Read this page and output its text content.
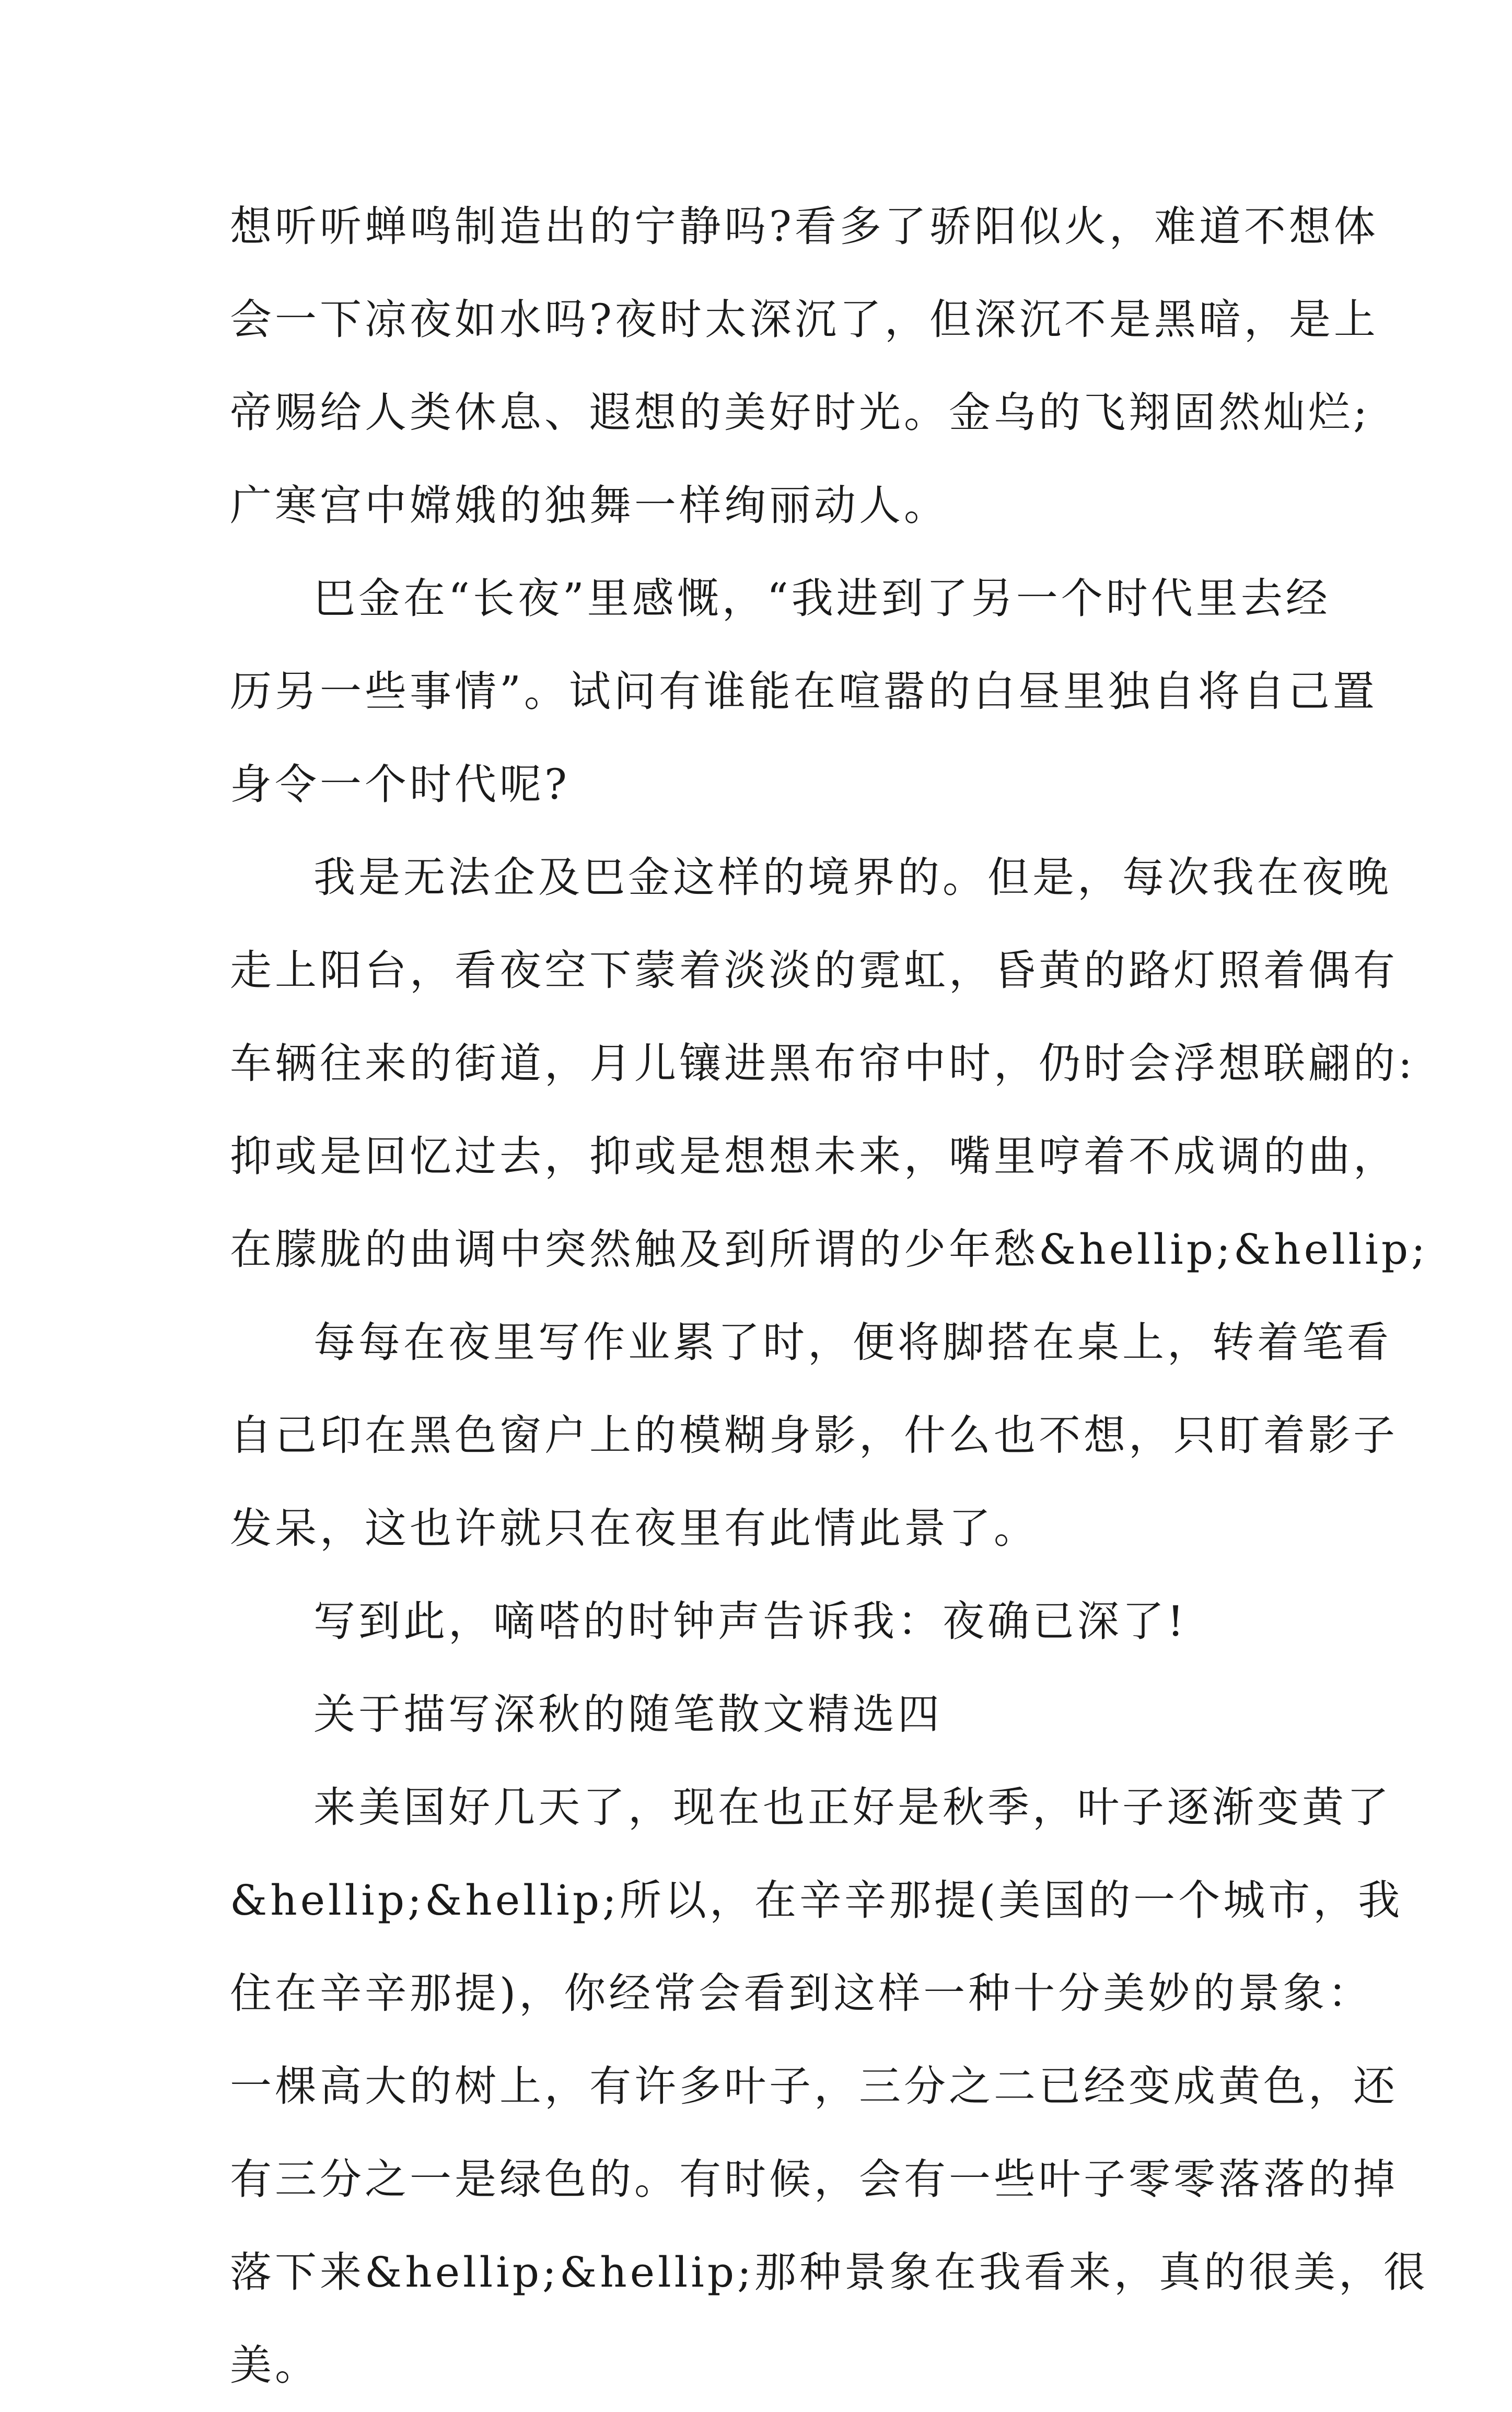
想听听蝉鸣制造出的宁静吗?看多了骄阳似火，难道不想体
会一下凉夜如水吗?夜时太深沉了，但深沉不是黑暗，是上
帝赐给人类休息、遐想的美好时光。金乌的飞翔固然灿烂;
广寒宫中嫦娥的独舞一样绚丽动人。

巴金在“长夜”里感慨，“我进到了另一个时代里去经
历另一些事情”。试问有谁能在喧嚣的白昼里独自将自己置
身令一个时代呢?

我是无法企及巴金这样的境界的。但是，每次我在夜晚
走上阳台，看夜空下蒙着淡淡的霓虹，昏黄的路灯照着偶有
车辆往来的街道，月儿镶进黑布帘中时，仍时会浮想联翩的:
抑或是回忆过去，抑或是想想未来，嘴里哼着不成调的曲，
在朦胧的曲调中突然触及到所谓的少年愁&hellip;&hellip;

每每在夜里写作业累了时，便将脚搭在桌上，转着笔看
自己印在黑色窗户上的模糊身影，什么也不想，只盯着影子
发呆，这也许就只在夜里有此情此景了。

写到此，嘀嗒的时钟声告诉我：夜确已深了!

关于描写深秋的随笔散文精选四

来美国好几天了，现在也正好是秋季，叶子逐渐变黄了
&hellip;&hellip;所以，在辛辛那提(美国的一个城市，我
住在辛辛那提)，你经常会看到这样一种十分美妙的景象：
一棵高大的树上，有许多叶子，三分之二已经变成黄色，还
有三分之一是绿色的。有时候，会有一些叶子零零落落的掉
落下来&hellip;&hellip;那种景象在我看来，真的很美，很
美。
